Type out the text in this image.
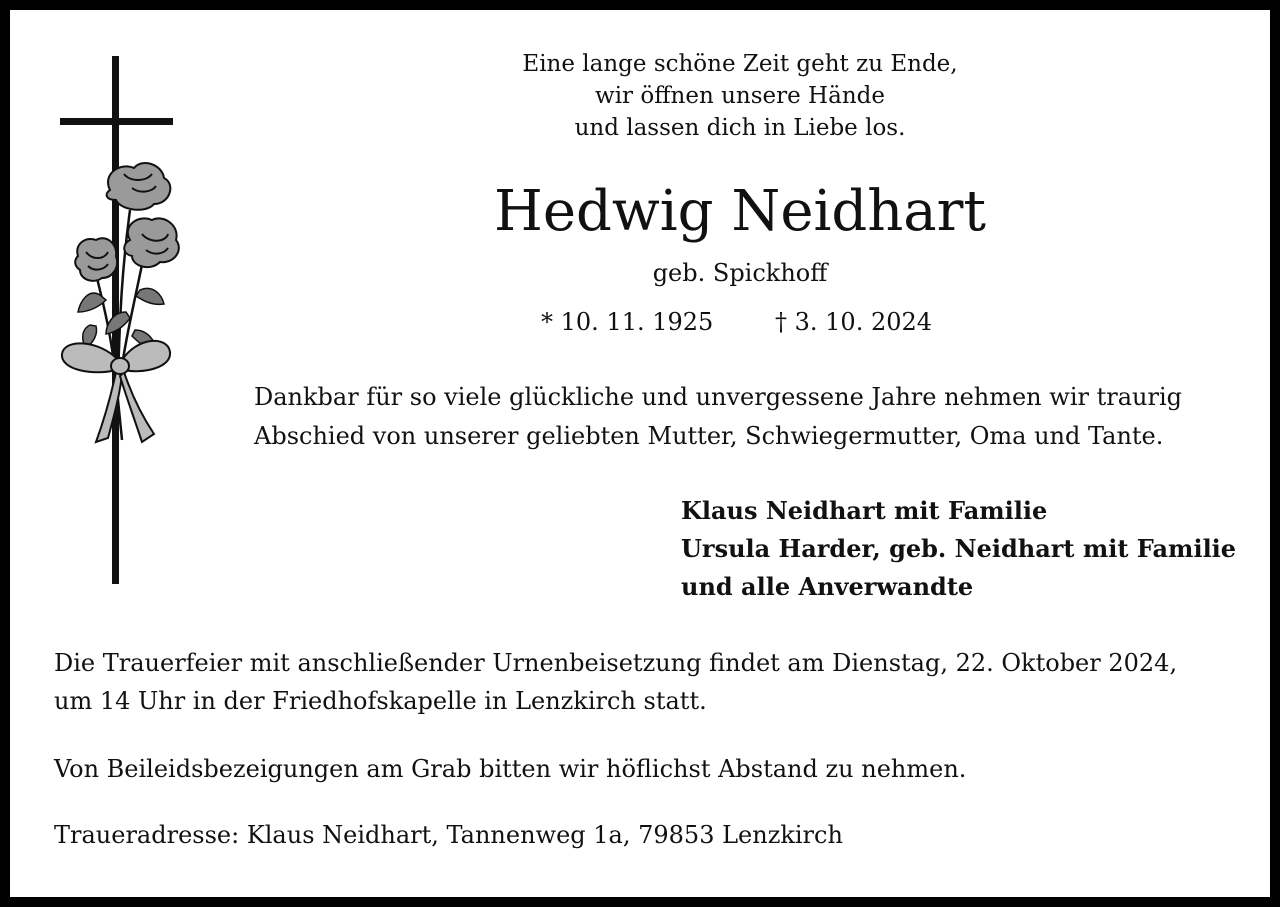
Eine lange schöne Zeit geht zu Ende,
wir öffnen unsere Hände
und lassen dich in Liebe los.
Hedwig Neidhart
geb. Spickhoff
* 10. 11. 1925	† 3. 10. 2024
Dankbar für so viele glückliche und unvergessene Jahre nehmen wir traurig
Abschied von unserer geliebten Mutter, Schwiegermutter, Oma und Tante.
Klaus Neidhart mit Familie
Ursula Harder, geb. Neidhart mit Familie
und alle Anverwandte
Die Trauerfeier mit anschließender Urnenbeisetzung findet am Dienstag, 22. Oktober 2024,
um 14 Uhr in der Friedhofskapelle in Lenzkirch statt.
Von Beileidsbezeigungen am Grab bitten wir höflichst Abstand zu nehmen.
Traueradresse: Klaus Neidhart, Tannenweg 1a, 79853 Lenzkirch
